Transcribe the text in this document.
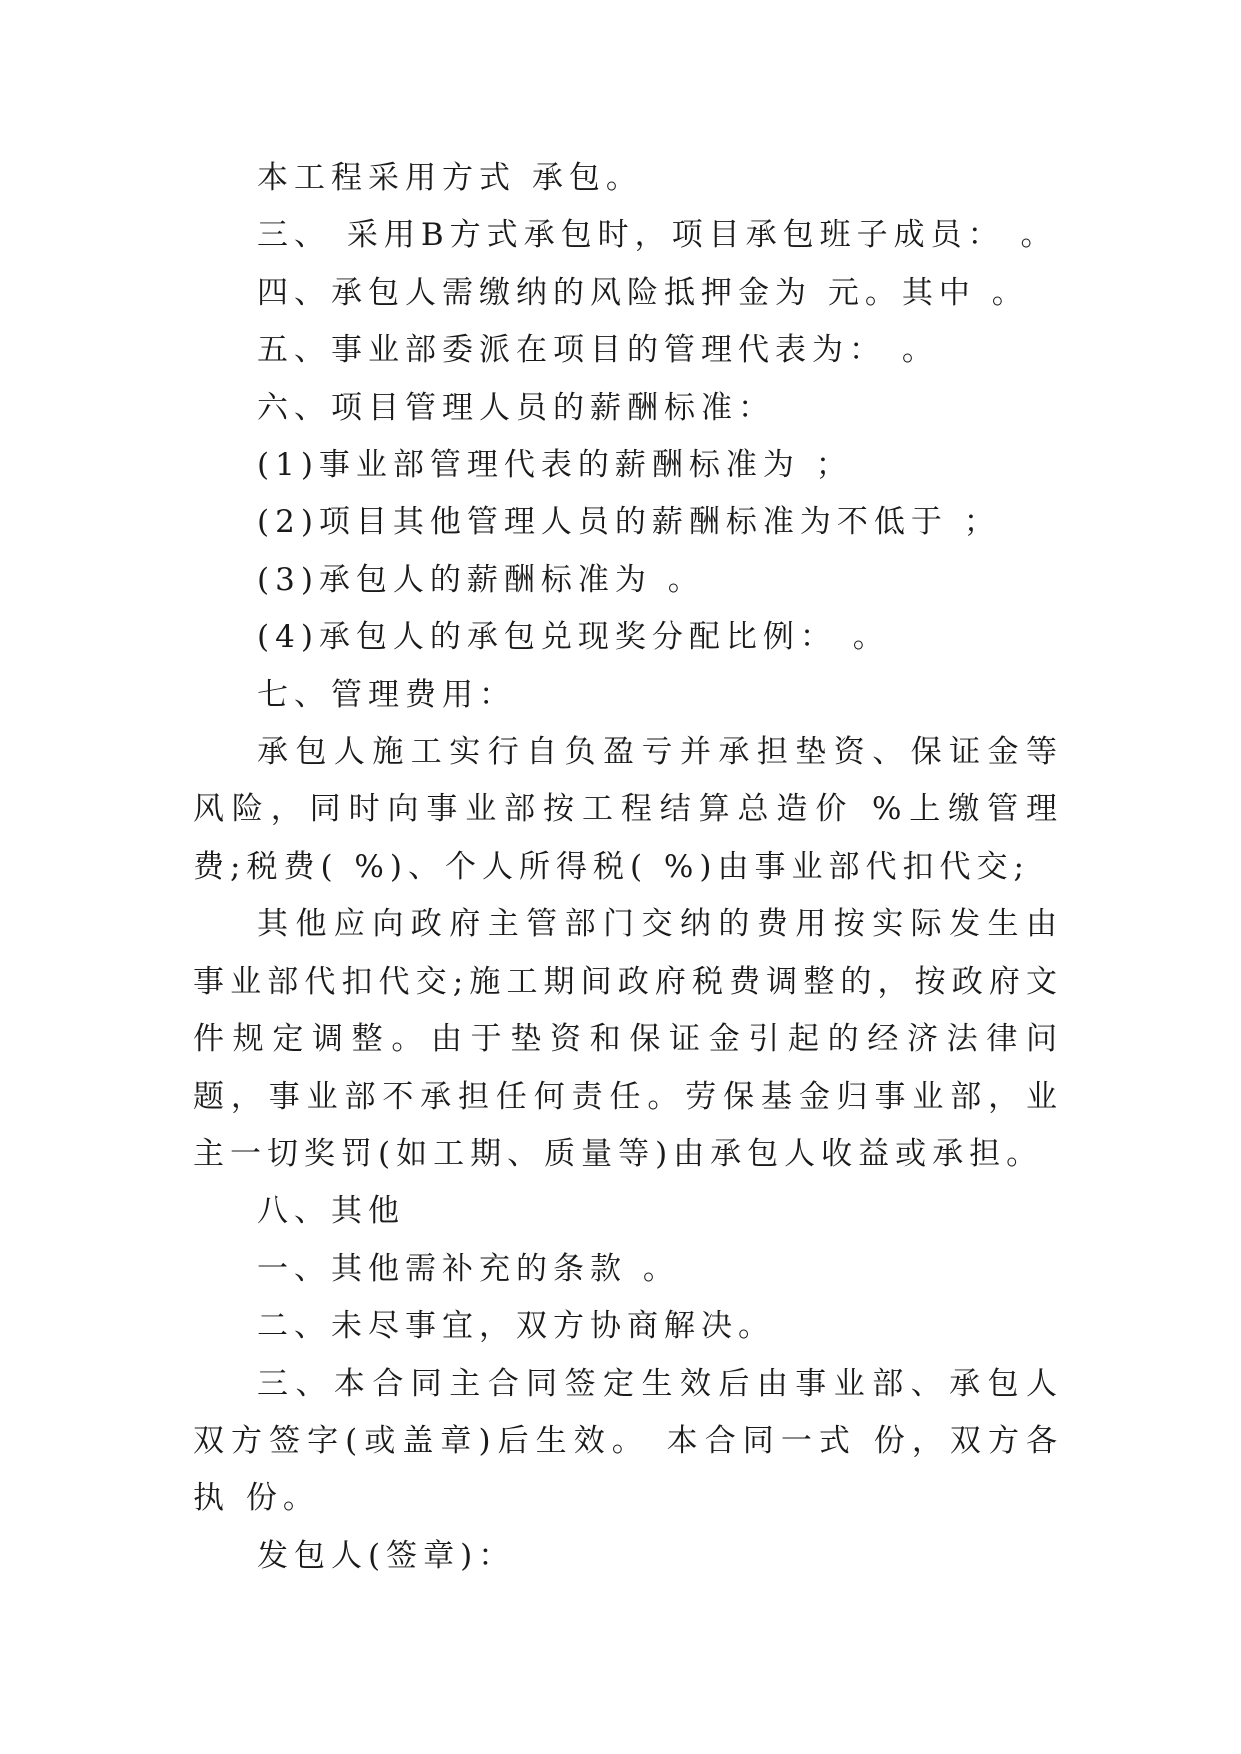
本工程采用方式 承包。

三、 采用B方式承包时，项目承包班子成员： 。

四、承包人需缴纳的风险抵押金为 元。其中 。

五、事业部委派在项目的管理代表为： 。

六、项目管理人员的薪酬标准：

(1)事业部管理代表的薪酬标准为 ；

(2)项目其他管理人员的薪酬标准为不低于 ；

(3)承包人的薪酬标准为 。

(4)承包人的承包兑现奖分配比例： 。

七、管理费用：

承包人施工实行自负盈亏并承担垫资、保证金等风险，同时向事业部按工程结算总造价 %上缴管理费;税费( %)、个人所得税( %)由事业部代扣代交;

其他应向政府主管部门交纳的费用按实际发生由事业部代扣代交;施工期间政府税费调整的，按政府文件规定调整。由于垫资和保证金引起的经济法律问题，事业部不承担任何责任。劳保基金归事业部，业主一切奖罚(如工期、质量等)由承包人收益或承担。

八、其他

一、其他需补充的条款 。

二、未尽事宜，双方协商解决。

三、本合同主合同签定生效后由事业部、承包人双方签字(或盖章)后生效。 本合同一式 份，双方各执 份。

发包人(签章)：
